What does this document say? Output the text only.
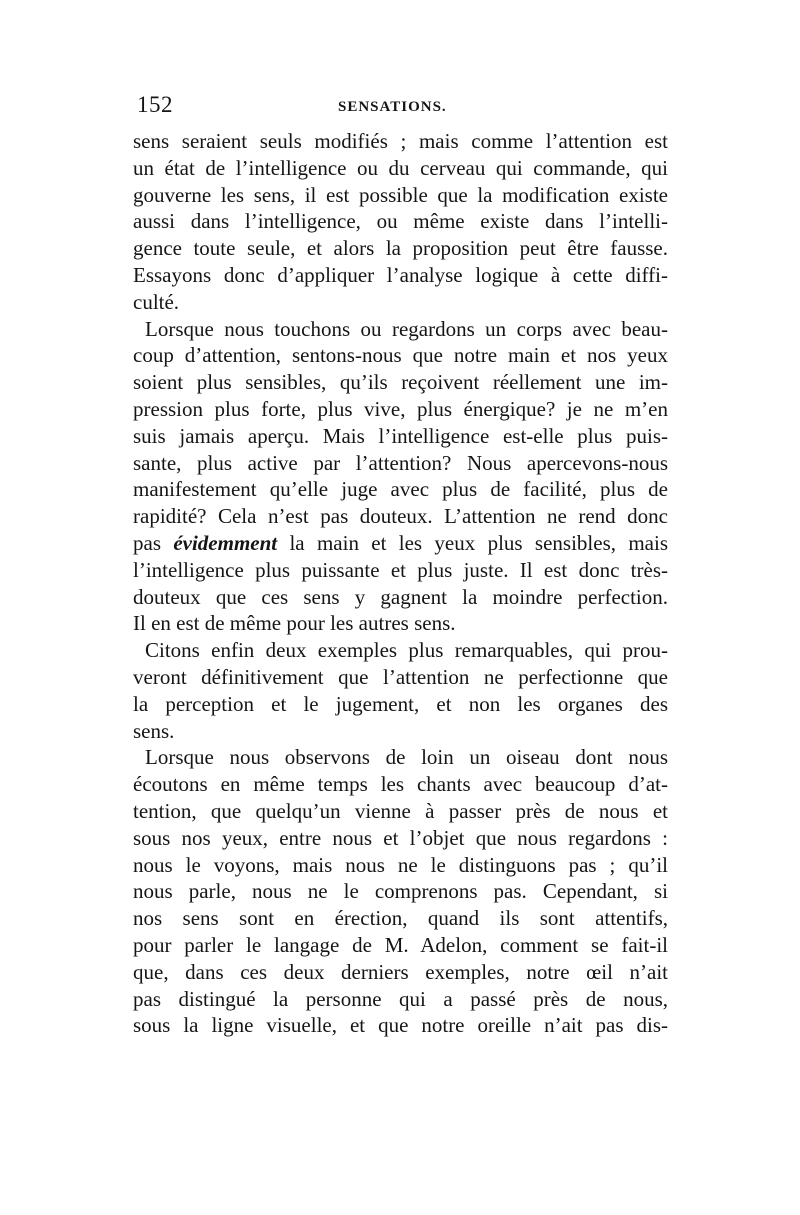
152	SENSATIONS.
sens seraient seuls modifiés ; mais comme l’attention est
un état de l’intelligence ou du cerveau qui commande, qui
gouverne les sens, il est possible que la modification existe
aussi dans l’intelligence, ou même existe dans l’intelli-
gence toute seule, et alors la proposition peut être fausse.
Essayons donc d’appliquer l’analyse logique à cette diffi-
culté.
Lorsque nous touchons ou regardons un corps avec beau-
coup d’attention, sentons-nous que notre main et nos yeux
soient plus sensibles, qu’ils reçoivent réellement une im-
pression plus forte, plus vive, plus énergique? je ne m’en
suis jamais aperçu. Mais l’intelligence est-elle plus puis-
sante, plus active par l’attention? Nous apercevons-nous
manifestement qu’elle juge avec plus de facilité, plus de
rapidité? Cela n’est pas douteux. L’attention ne rend donc
pas évidemment la main et les yeux plus sensibles, mais
l’intelligence plus puissante et plus juste. Il est donc très-
douteux que ces sens y gagnent la moindre perfection.
Il en est de même pour les autres sens.
Citons enfin deux exemples plus remarquables, qui prou-
veront définitivement que l’attention ne perfectionne que
la perception et le jugement, et non les organes des
sens.
Lorsque nous observons de loin un oiseau dont nous
écoutons en même temps les chants avec beaucoup d’at-
tention, que quelqu’un vienne à passer près de nous et
sous nos yeux, entre nous et l’objet que nous regardons :
nous le voyons, mais nous ne le distinguons pas ; qu’il
nous parle, nous ne le comprenons pas. Cependant, si
nos sens sont en érection, quand ils sont attentifs,
pour parler le langage de M. Adelon, comment se fait-il
que, dans ces deux derniers exemples, notre œil n’ait
pas distingué la personne qui a passé près de nous,
sous la ligne visuelle, et que notre oreille n’ait pas dis-
